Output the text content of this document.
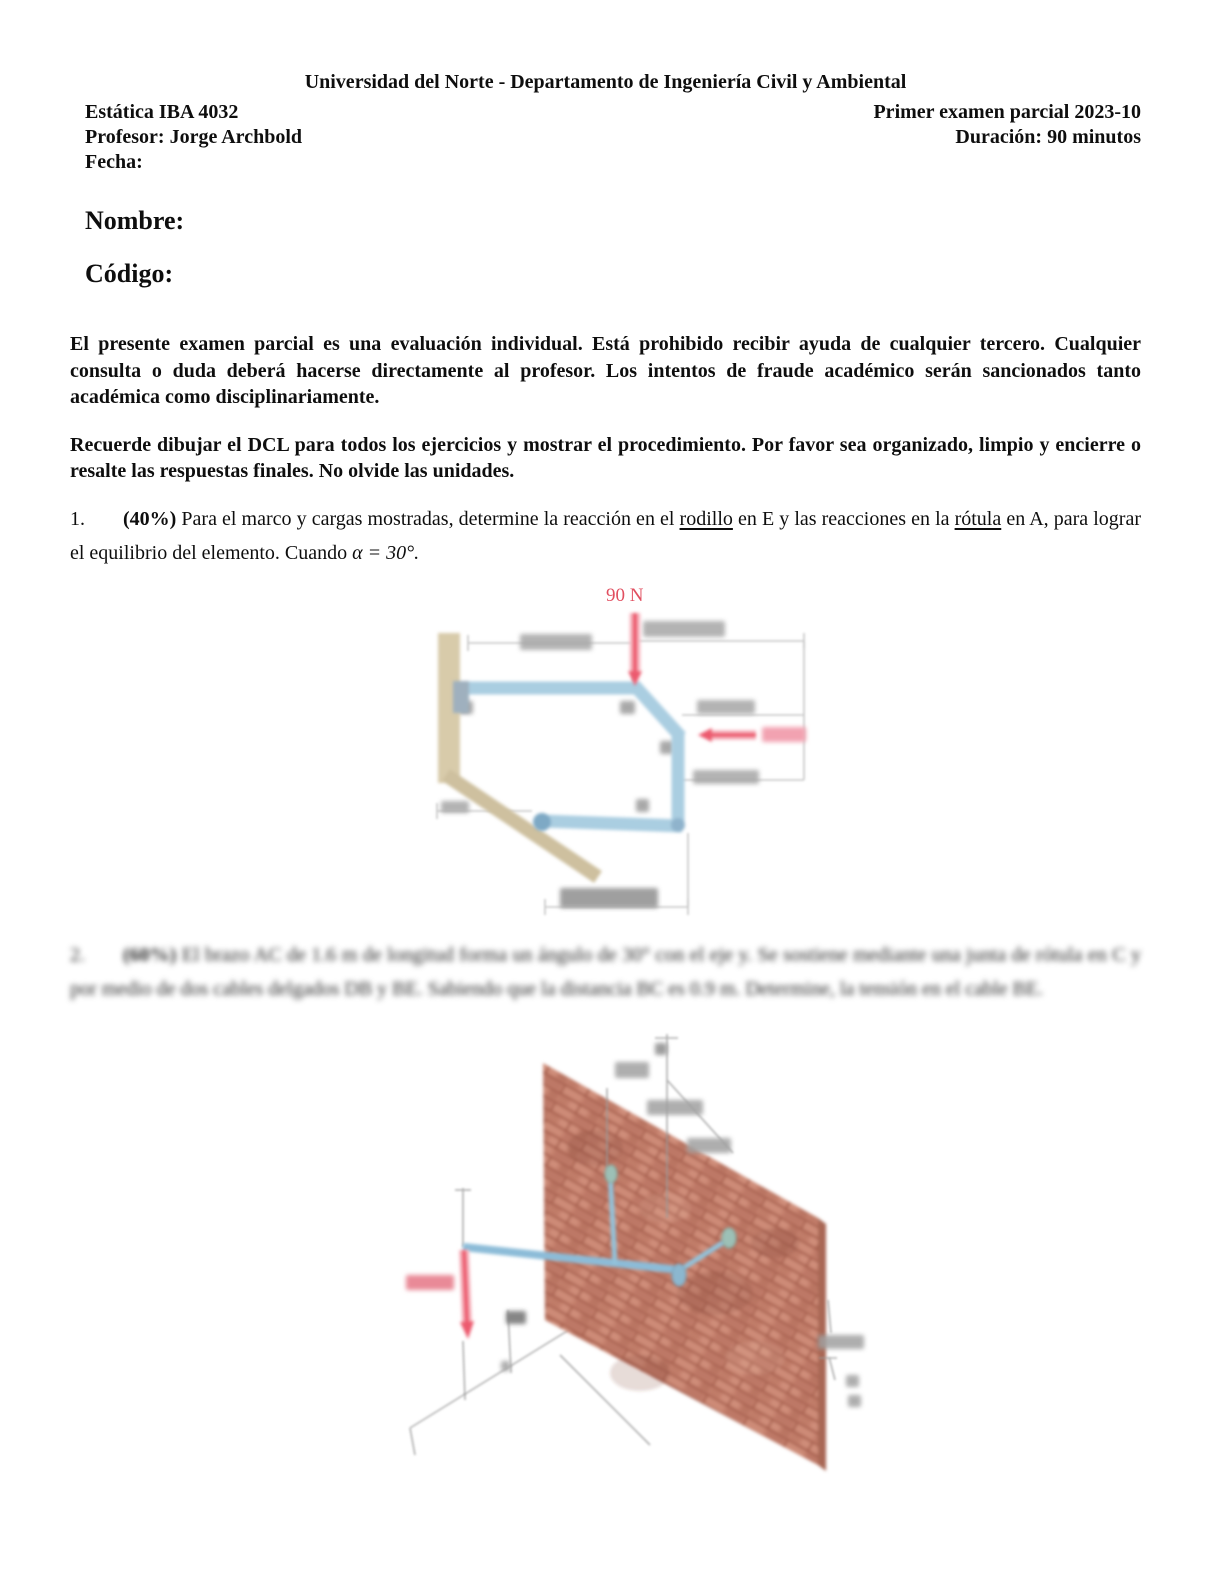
Universidad del Norte - Departamento de Ingeniería Civil y Ambiental
Estática IBA 4032
Profesor: Jorge Archbold
Fecha:
Primer examen parcial 2023-10
Duración: 90 minutos
Nombre:
Código:

El presente examen parcial es una evaluación individual. Está prohibido recibir ayuda de cualquier tercero. Cualquier consulta o duda deberá hacerse directamente al profesor. Los intentos de fraude académico serán sancionados tanto académica como disciplinariamente.

Recuerde dibujar el DCL para todos los ejercicios y mostrar el procedimiento. Por favor sea organizado, limpio y encierre o resalte las respuestas finales. No olvide las unidades.

1. (40%) Para el marco y cargas mostradas, determine la reacción en el rodillo en E y las reacciones en la rótula en A, para lograr el equilibrio del elemento. Cuando α = 30°.

2. (60%) El brazo AC de 1.6 m de longitud forma un ángulo de 30° con el eje y. Se sostiene mediante una junta de rótula en C y por medio de dos cables delgados DB y BE. Sabiendo que la distancia BC es 0.9 m. Determine, la tensión en el cable BE.

90 N
